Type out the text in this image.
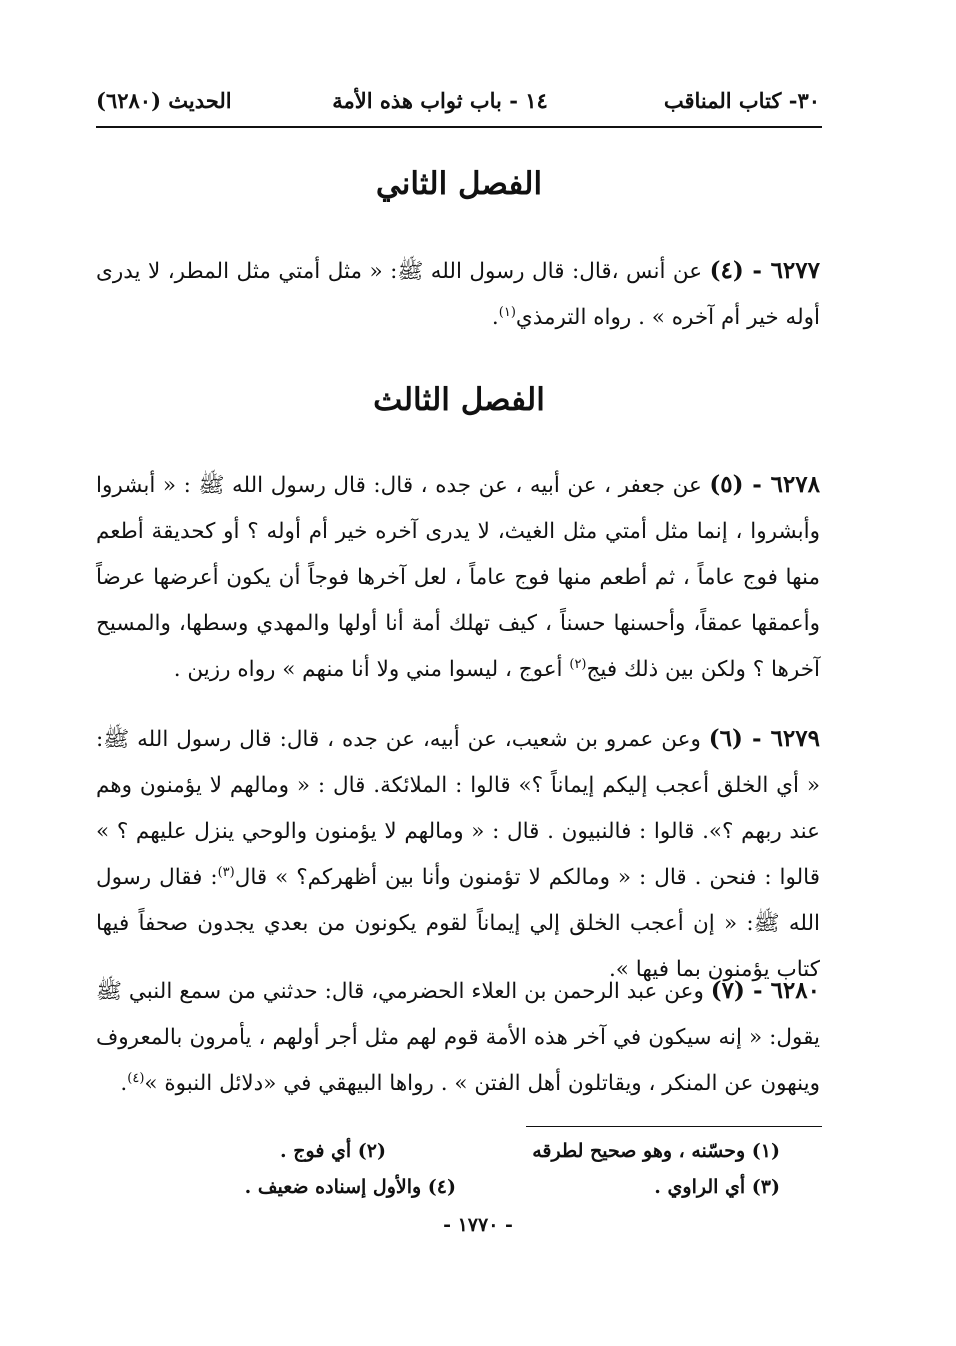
٣٠- كتاب المناقب
١٤ - باب ثواب هذه الأمة
الحديث (٦٢٨٠)
الفصل الثاني
٦٢٧٧ - (٤) عن أنس ،قال: قال رسول الله ﷺ: « مثل أمتي مثل المطر، لا يدرى أوله خير أم آخره » . رواه الترمذي$^{(١)}$.
الفصل الثالث
٦٢٧٨ - (٥) عن جعفر ، عن أبيه ، عن جده ، قال: قال رسول الله ﷺ : « أبشروا وأبشروا ، إنما مثل أمتي مثل الغيث، لا يدرى آخره خير أم أوله ؟ أو كحديقة أطعم منها فوج عاماً ، ثم أطعم منها فوج عاماً ، لعل آخرها فوجاً أن يكون أعرضها عرضاً وأعمقها عمقاً، وأحسنها حسناً ، كيف تهلك أمة أنا أولها والمهدي وسطها، والمسيح آخرها ؟ ولكن بين ذلك فيج$^{(٢)}$ أعوج ، ليسوا مني ولا أنا منهم » رواه رزين .
٦٢٧٩ - (٦) وعن عمرو بن شعيب، عن أبيه، عن جده ، قال: قال رسول الله ﷺ: « أي الخلق أعجب إليكم إيماناً ؟» قالوا : الملائكة. قال : « ومالهم لا يؤمنون وهم عند ربهم ؟». قالوا : فالنبيون . قال : « ومالهم لا يؤمنون والوحي ينزل عليهم ؟ » قالوا : فنحن . قال : « ومالكم لا تؤمنون وأنا بين أظهركم؟ » قال$^{(٣)}$: فقال رسول الله ﷺ: « إن أعجب الخلق إلي إيماناً لقوم يكونون من بعدي يجدون صحفاً فيها كتاب يؤمنون بما فيها ».
٦٢٨٠ - (٧) وعن عبد الرحمن بن العلاء الحضرمي، قال: حدثني من سمع النبي ﷺ يقول: « إنه سيكون في آخر هذه الأمة قوم لهم مثل أجر أولهم ، يأمرون بالمعروف وينهون عن المنكر ، ويقاتلون أهل الفتن » . رواها البيهقي في «دلائل النبوة »$^{(٤)}$.
(١) وحسّنه ، وهو صحيح لطرقه
(٢) أي فوج .
(٣) أي الراوي .
(٤) والأول إسناده ضعيف .
- ١٧٧٠ -
